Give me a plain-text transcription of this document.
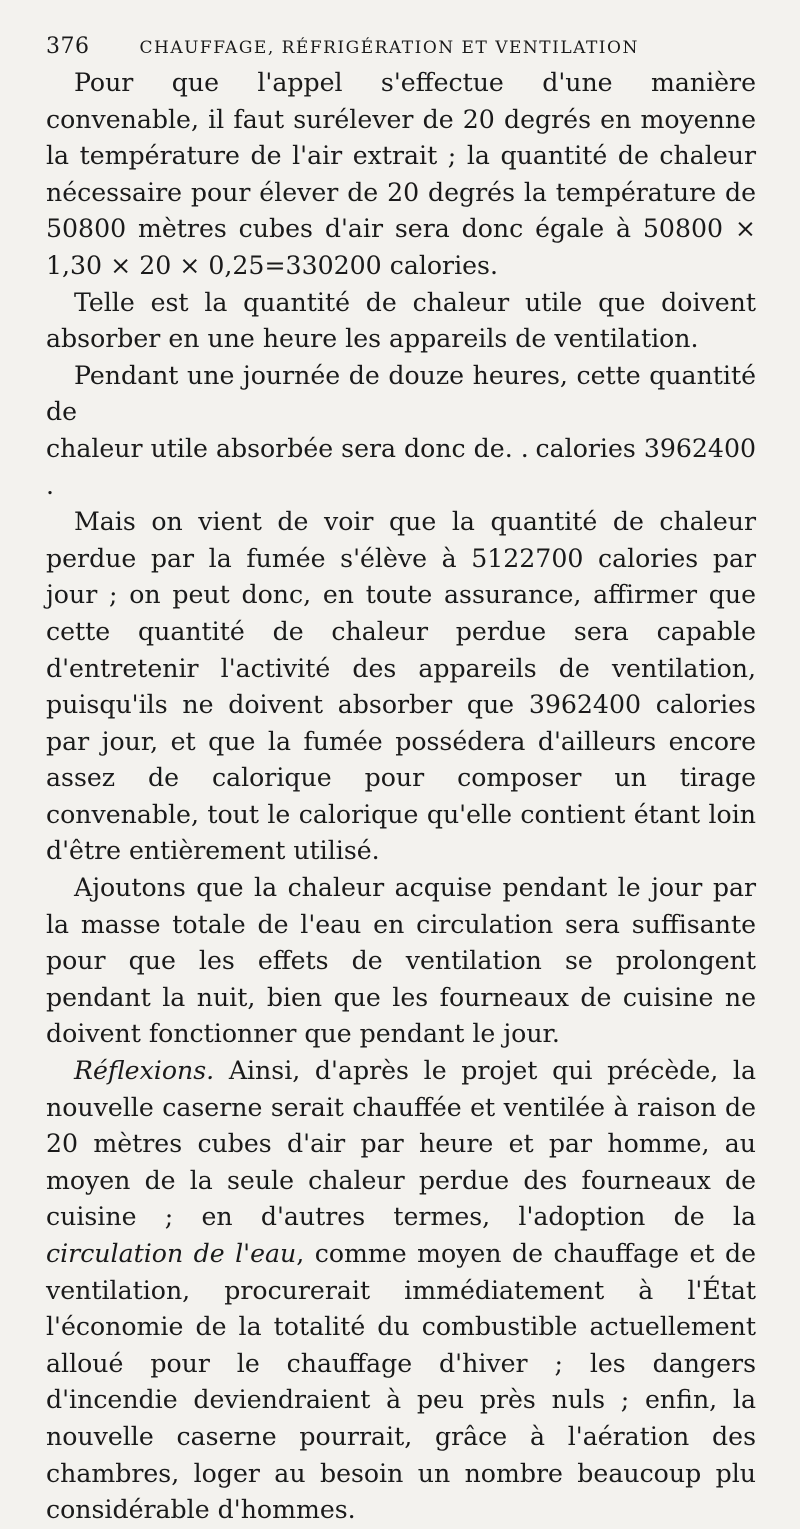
376	CHAUFFAGE, RÉFRIGÉRATION ET VENTILATION

Pour que l'appel s'effectue d'une manière convenable, il faut surélever de 20 degrés en moyenne la température de l'air extrait ; la quantité de chaleur nécessaire pour élever de 20 degrés la température de 50800 mètres cubes d'air sera donc égale à 50800 × 1,30 × 20 × 0,25=330200 calories.

Telle est la quantité de chaleur utile que doivent absorber en une heure les appareils de ventilation.

Pendant une journée de douze heures, cette quantité de

chaleur utile absorbée sera donc de. . .
calories 3962400

Mais on vient de voir que la quantité de chaleur perdue par la fumée s'élève à 5122700 calories par jour ; on peut donc, en toute assurance, affirmer que cette quantité de chaleur perdue sera capable d'entretenir l'activité des appareils de ventilation, puisqu'ils ne doivent absorber que 3962400 calories par jour, et que la fumée possédera d'ailleurs encore assez de calorique pour composer un tirage convenable, tout le calorique qu'elle contient étant loin d'être entièrement utilisé.

Ajoutons que la chaleur acquise pendant le jour par la masse totale de l'eau en circulation sera suffisante pour que les effets de ventilation se prolongent pendant la nuit, bien que les fourneaux de cuisine ne doivent fonctionner que pendant le jour.

Réflexions. Ainsi, d'après le projet qui précède, la nouvelle caserne serait chauffée et ventilée à raison de 20 mètres cubes d'air par heure et par homme, au moyen de la seule chaleur perdue des fourneaux de cuisine ; en d'autres termes, l'adoption de la circulation de l'eau, comme moyen de chauffage et de ventilation, procurerait immédiatement à l'État l'économie de la totalité du combustible actuellement alloué pour le chauffage d'hiver ; les dangers d'incendie deviendraient à peu près nuls ; enfin, la nouvelle caserne pourrait, grâce à l'aération des chambres, loger au besoin un nombre beaucoup plu considérable d'hommes.
